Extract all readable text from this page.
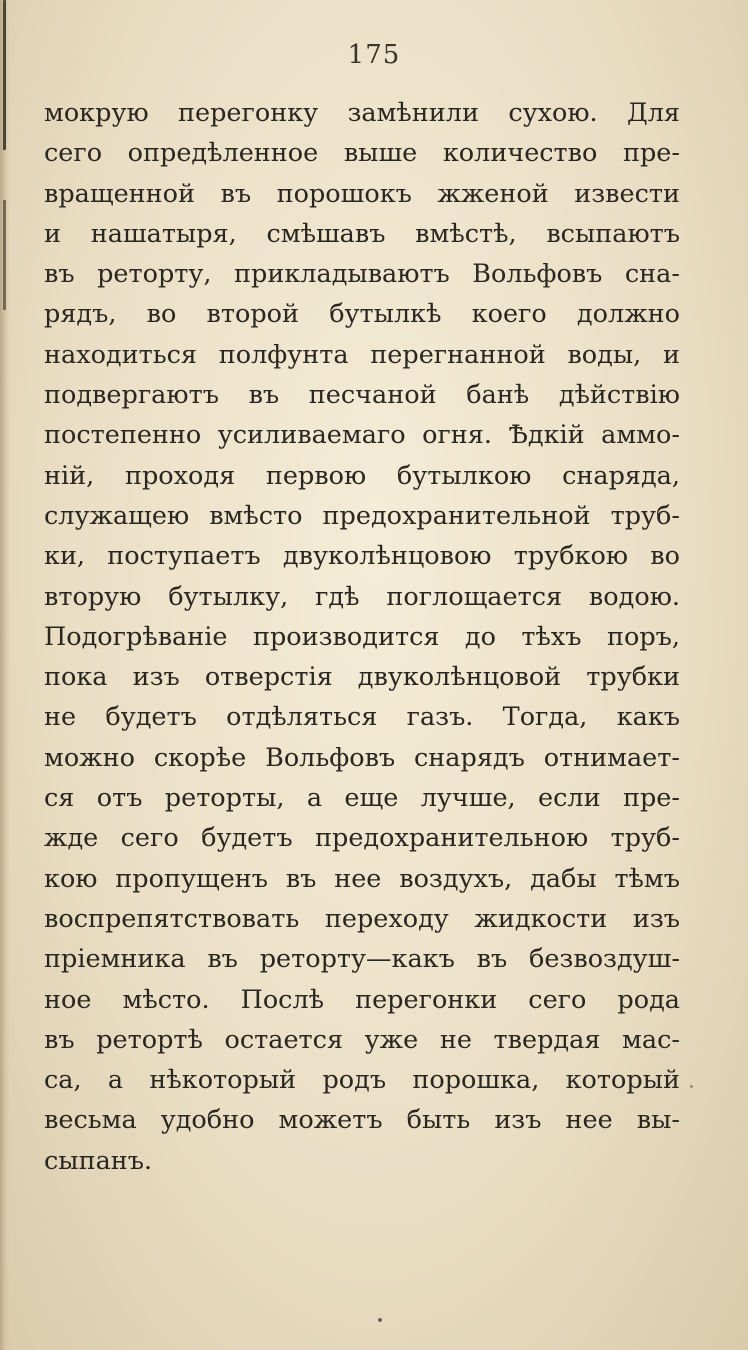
175
мокрую перегонку замѣнили сухою. Для
сего опредѣленное выше количество пре-
вращенной въ порошокъ жженой извести
и нашатыря, смѣшавъ вмѣстѣ, всыпаютъ
въ реторту, прикладываютъ Вольфовъ сна-
рядъ, во второй бутылкѣ коего должно
находиться полфунта перегнанной воды, и
подвергаютъ въ песчаной банѣ дѣйствію
постепенно усиливаемаго огня. Ѣдкій аммо-
ній, проходя первою бутылкою снаряда,
служащею вмѣсто предохранительной труб-
ки, поступаетъ двуколѣнцовою трубкою во
вторую бутылку, гдѣ поглощается водою.
Подогрѣваніе производится до тѣхъ поръ,
пока изъ отверстія двуколѣнцовой трубки
не будетъ отдѣляться газъ. Тогда, какъ
можно скорѣе Вольфовъ снарядъ отнимает-
ся отъ реторты, а еще лучше, если пре-
жде сего будетъ предохранительною труб-
кою пропущенъ въ нее воздухъ, дабы тѣмъ
воспрепятствовать переходу жидкости изъ
пріемника въ реторту—какъ въ безвоздуш-
ное мѣсто. Послѣ перегонки сего рода
въ ретортѣ остается уже не твердая мас-
са, а нѣкоторый родъ порошка, который
весьма удобно можетъ быть изъ нее вы-
сыпанъ.
